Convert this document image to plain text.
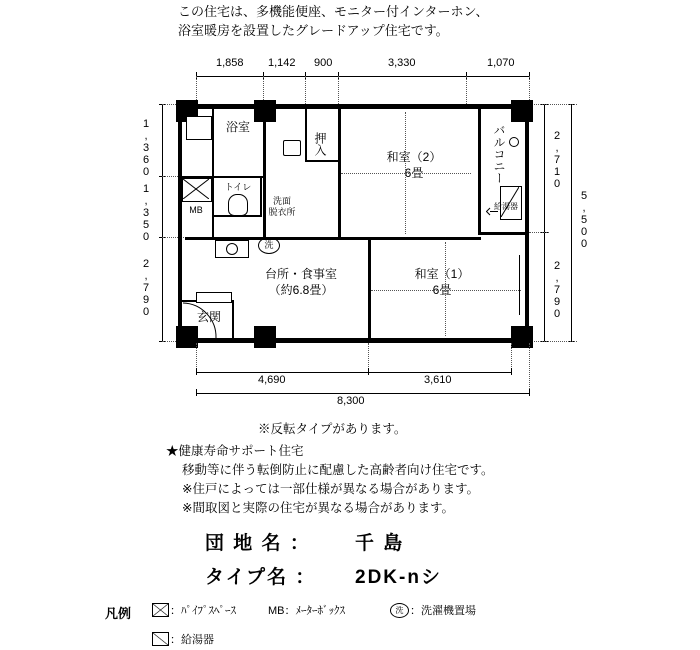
この住宅は、多機能便座、モニター付インターホン、
浴室暖房を設置したグレードアップ住宅です。
1,858 1,142 900	3,330	1,070
1,360
1,350
2,790
2,710
2,790
5,500
バルコニー
給湯器
浴室
MB
トイレ
洗面
脱衣所
洗
押入
和室（2）
6畳
和室（1）
6畳
台所・食事室
（約6.8畳）
玄関
4,690	3,610
8,300
※反転タイプがあります。
★健康寿命サポート住宅
移動等に伴う転倒防止に配慮した高齢者向け住宅です。
※住戸によっては一部仕様が異なる場合があります。
※間取図と実際の住宅が異なる場合があります。
団 地 名 ： 千 島
タイプ名 ： 2DK-nシ
凡例	：ﾊﾟｲﾌﾟｽﾍﾟｰｽ	MB：ﾒｰﾀｰﾎﾞｯｸｽ	洗 ：洗濯機置場
：給湯器
